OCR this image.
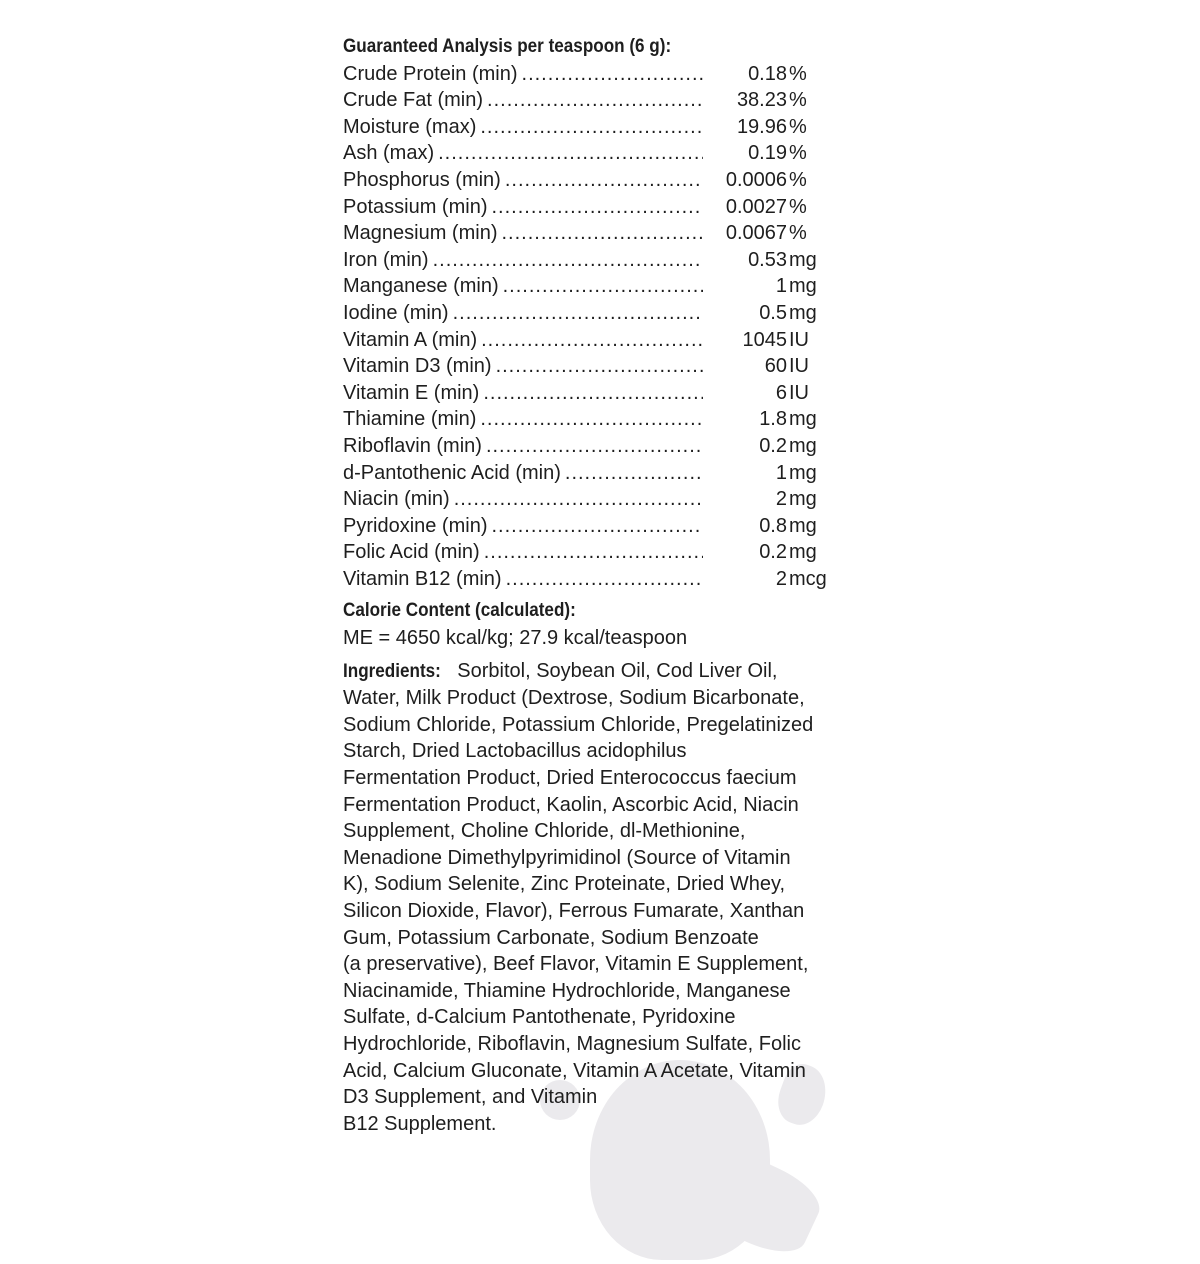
Guaranteed Analysis per teaspoon (6 g):
Crude Protein (min) .....	0.18 %
Crude Fat (min) .....	38.23 %
Moisture (max) .....	19.96 %
Ash (max) .....	0.19 %
Phosphorus (min) .....	0.0006 %
Potassium (min) .....	0.0027 %
Magnesium (min) .....	0.0067 %
Iron (min) .....	0.53 mg
Manganese (min) .....	1 mg
Iodine (min) .....	0.5 mg
Vitamin A (min) .....	1045 IU
Vitamin D3 (min) .....	60 IU
Vitamin E (min) .....	6 IU
Thiamine (min) .....	1.8 mg
Riboflavin (min) .....	0.2 mg
d-Pantothenic Acid (min) .....	1 mg
Niacin (min) .....	2 mg
Pyridoxine (min) .....	0.8 mg
Folic Acid (min) .....	0.2 mg
Vitamin B12 (min) .....	2 mcg
Calorie Content (calculated):
ME = 4650 kcal/kg; 27.9 kcal/teaspoon
Ingredients: Sorbitol, Soybean Oil, Cod Liver Oil,
Water, Milk Product (Dextrose, Sodium Bicarbonate,
Sodium Chloride, Potassium Chloride, Pregelatinized
Starch, Dried Lactobacillus acidophilus
Fermentation Product, Dried Enterococcus faecium
Fermentation Product, Kaolin, Ascorbic Acid, Niacin
Supplement, Choline Chloride, dl-Methionine,
Menadione Dimethylpyrimidinol (Source of Vitamin
K), Sodium Selenite, Zinc Proteinate, Dried Whey,
Silicon Dioxide, Flavor), Ferrous Fumarate, Xanthan
Gum, Potassium Carbonate, Sodium Benzoate
(a preservative), Beef Flavor, Vitamin E Supplement,
Niacinamide, Thiamine Hydrochloride, Manganese
Sulfate, d-Calcium Pantothenate, Pyridoxine
Hydrochloride, Riboflavin, Magnesium Sulfate, Folic
Acid, Calcium Gluconate, Vitamin A Acetate, Vitamin
D3 Supplement, and Vitamin
B12 Supplement.
